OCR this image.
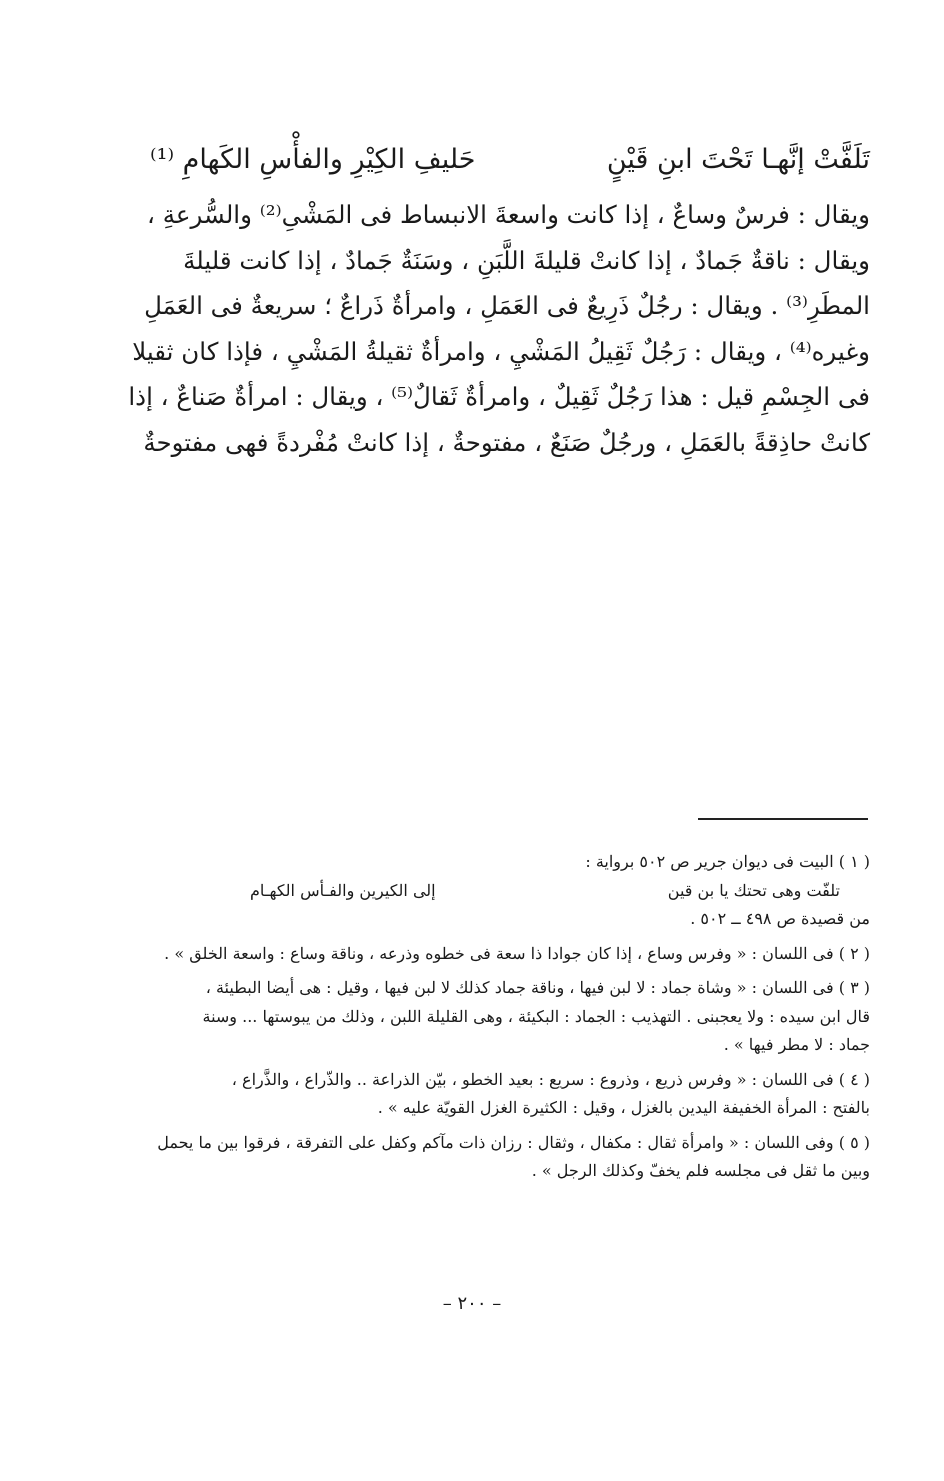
تَلَفَّتْ إنَّهـا تَحْتَ ابنِ قَيْنٍ
حَليفِ الكِيْرِ والفأْسِ الكَهامِ ⁽¹⁾
ويقال : فرسٌ وساعٌ ، إذا كانت واسعةَ الانبساط فى المَشْىِ⁽²⁾ والسُّرعةِ ،
ويقال : ناقةٌ جَمادٌ ، إذا كانتْ قليلةَ اللَّبَنِ ، وسَنَةٌ جَمادٌ ، إذا كانت قليلةَ
المطَرِ⁽³⁾ . ويقال : رجُلٌ ذَرِيعٌ فى العَمَلِ ، وامرأةٌ ذَراعٌ ؛ سريعةٌ فى العَمَلِ
وغيره⁽⁴⁾ ، ويقال : رَجُلٌ ثَقِيلُ المَشْيِ ، وامرأةٌ ثقيلةُ المَشْيِ ، فإذا كان ثقيلا
فى الجِسْمِ قيل : هذا رَجُلٌ ثَقِيلٌ ، وامرأةٌ ثَقالٌ⁽⁵⁾ ، ويقال : امرأةٌ صَناعٌ ، إذا
كانتْ حاذِقةً بالعَمَلِ ، ورجُلٌ صَنَعٌ ، مفتوحةٌ ، إذا كانتْ مُفْردةً فهى مفتوحةٌ
( ١ ) البيت فى ديوان جرير ص ٥٠٢ برواية :
تلفّت وهى تحتك يا بن قين
إلى الكيرين والفـأس الكهـام
من قصيدة ص ٤٩٨ ــ ٥٠٢ .
( ٢ ) فى اللسان : « وفرس وساع ، إذا كان جوادا ذا سعة فى خطوه وذرعه ، وناقة وساع : واسعة الخلق » .
( ٣ ) فى اللسان : « وشاة جماد : لا لبن فيها ، وناقة جماد كذلك لا لبن فيها ، وقيل : هى أيضا البطيئة ،
قال ابن سيده : ولا يعجبنى . التهذيب : الجماد : البكيئة ، وهى القليلة اللبن ، وذلك من يبوستها ... وسنة
جماد : لا مطر فيها » .
( ٤ ) فى اللسان : « وفرس ذريع ، وذروع : سريع : بعيد الخطو ، بيّن الذراعة .. والذّراع ، والذَّراع ،
بالفتح : المرأة الخفيفة اليدين بالغزل ، وقيل : الكثيرة الغزل القويّة عليه » .
( ٥ ) وفى اللسان : « وامرأة ثقال : مكفال ، وثقال : رزان ذات مآكم وكفل على التفرقة ، فرقوا بين ما يحمل
وبين ما ثقل فى مجلسه فلم يخفّ وكذلك الرجل » .
– ٢٠٠ –
